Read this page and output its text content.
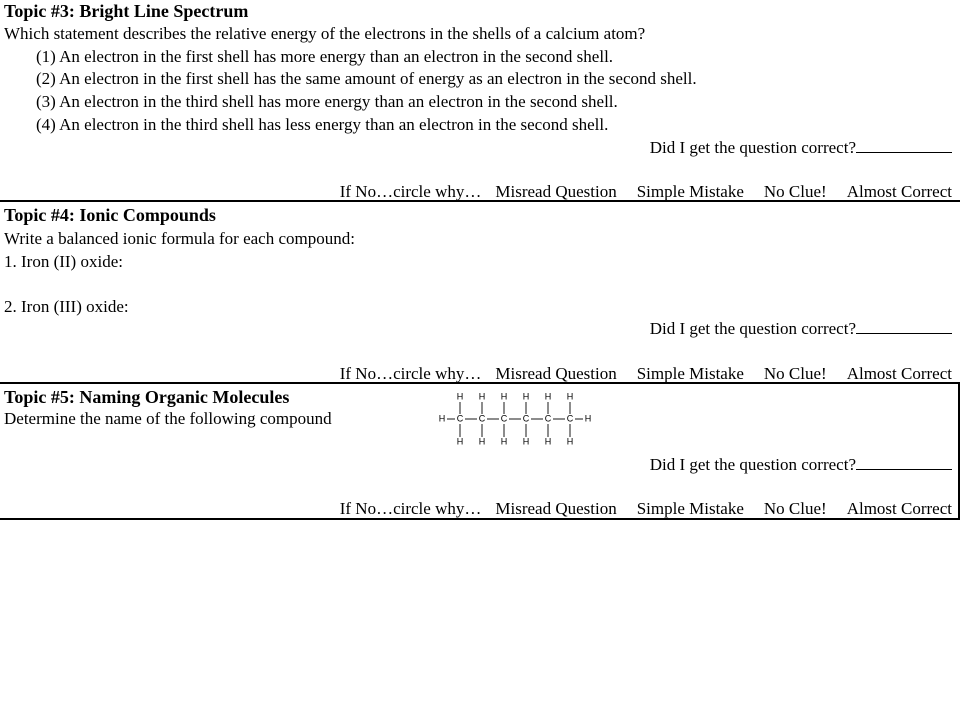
Topic #3: Bright Line Spectrum
Which statement describes the relative energy of the electrons in the shells of a calcium atom?
(1) An electron in the first shell has more energy than an electron in the second shell.
(2) An electron in the first shell has the same amount of energy as an electron in the second shell.
(3) An electron in the third shell has more energy than an electron in the second shell.
(4) An electron in the third shell has less energy than an electron in the second shell.
Did I get the question correct?
If No…circle why… Misread Question Simple Mistake No Clue! Almost Correct
Topic #4: Ionic Compounds
Write a balanced ionic formula for each compound:
1. Iron (II) oxide:
2. Iron (III) oxide:
Did I get the question correct?
If No…circle why… Misread Question Simple Mistake No Clue! Almost Correct
Topic #5: Naming Organic Molecules
Determine the name of the following compound	H C
H
H
C
H
H
C
H
H
C
H
H
C
H
H
C
H
H
H
Did I get the question correct?
If No…circle why… Misread Question Simple Mistake No Clue! Almost Correct
